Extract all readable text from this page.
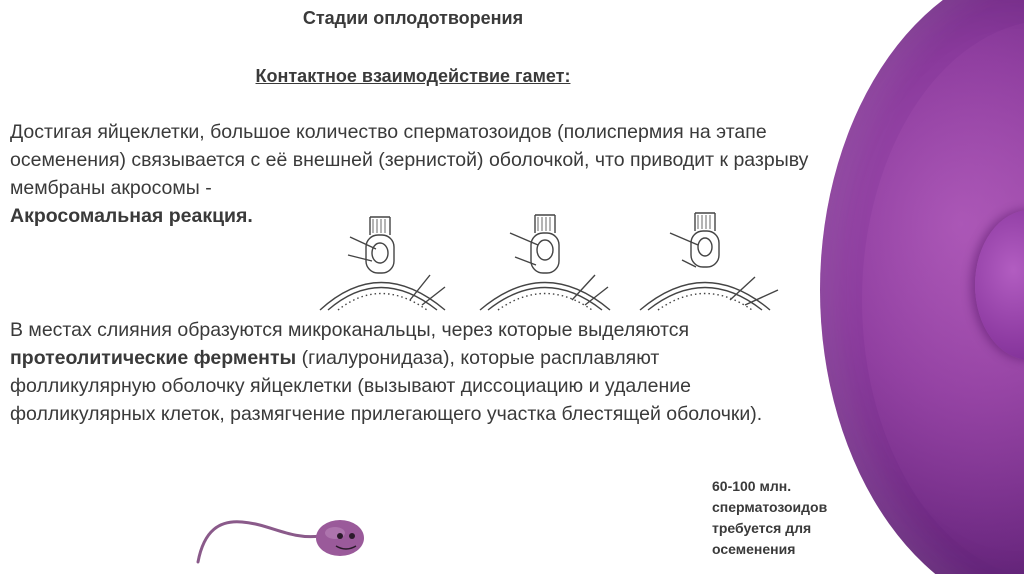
Стадии оплодотворения
Контактное взаимодействие гамет:
Достигая яйцеклетки, большое количество сперматозоидов (полиспермия на этапе осеменения) связывается с её внешней (зернистой) оболочкой, что приводит к разрыву мембраны акросомы -
Акросомальная реакция.
В местах слияния образуются микроканальцы, через которые выделяются протеолитические ферменты (гиалуронидаза), которые расплавляют фолликулярную оболочку яйцеклетки (вызывают диссоциацию и удаление фолликулярных клеток, размягчение прилегающего участка блестящей оболочки).
60-100 млн.
сперматозоидов
требуется для
осеменения
